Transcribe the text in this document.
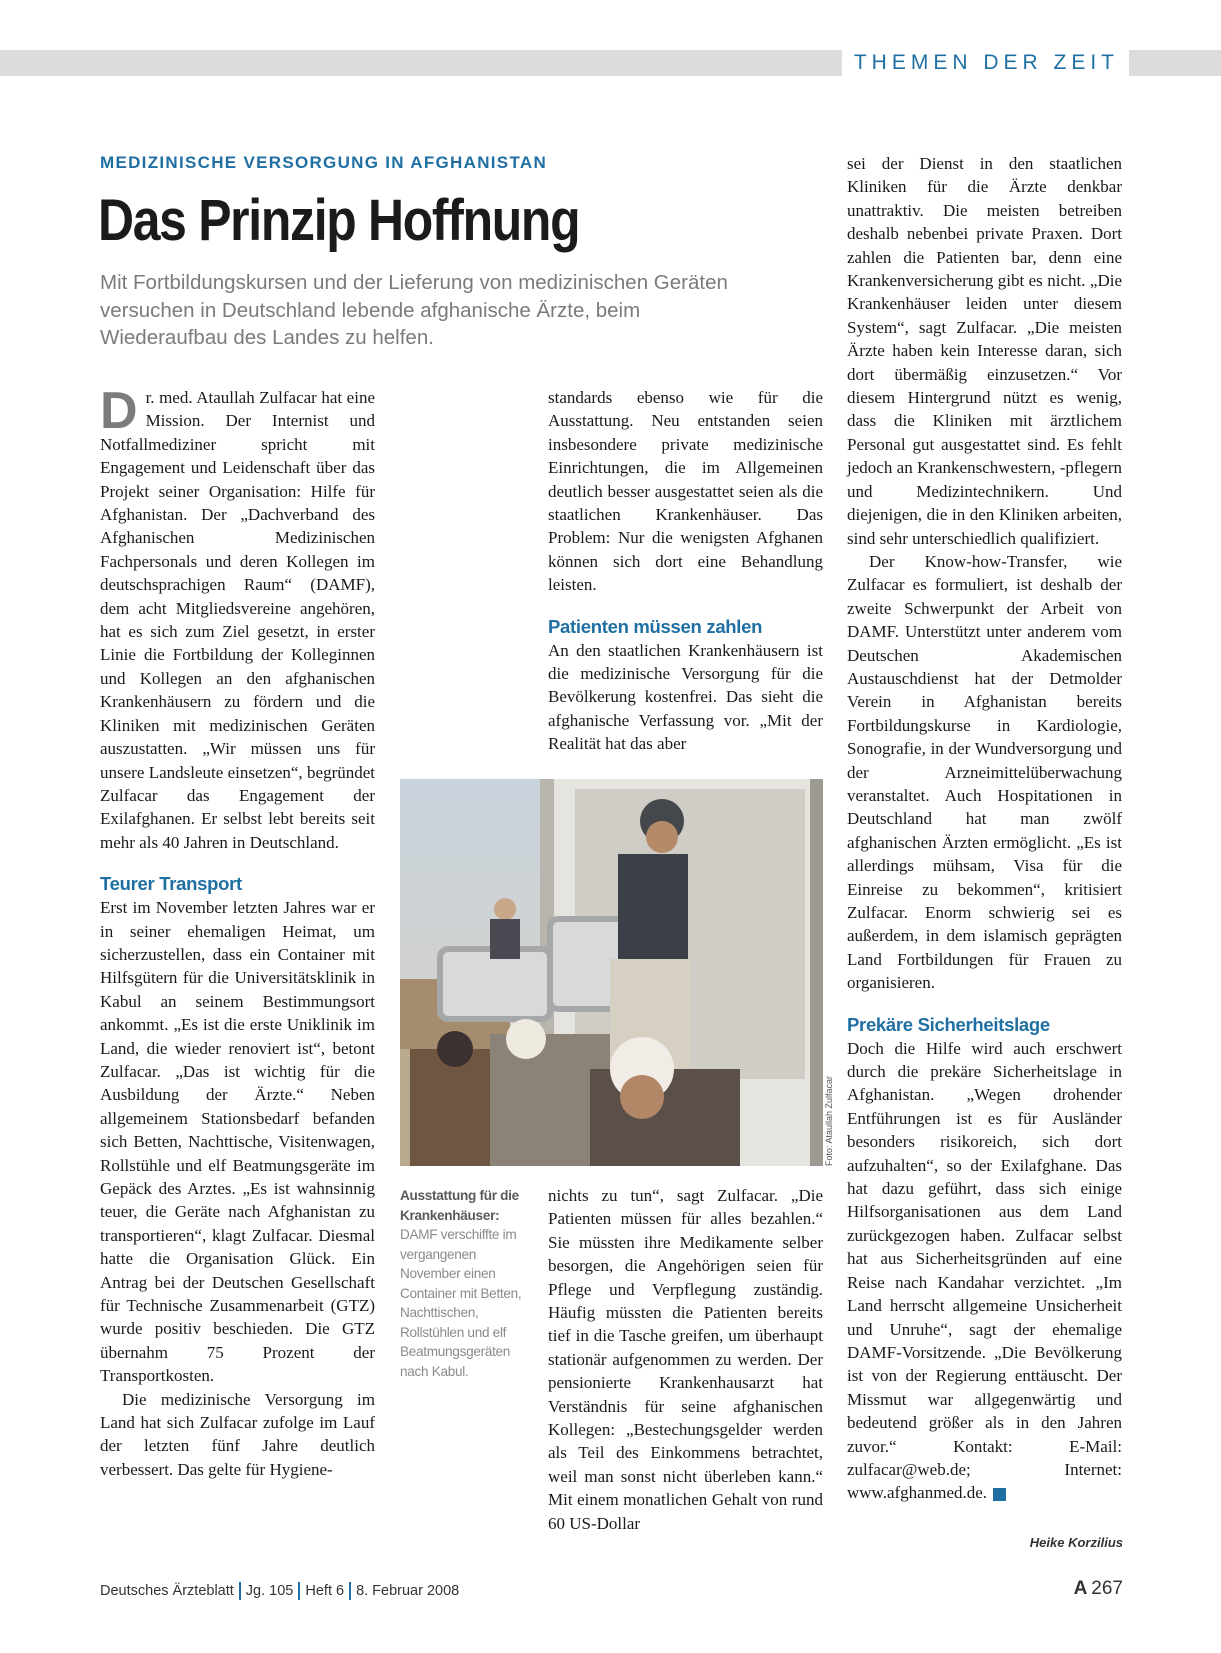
THEMEN DER ZEIT
MEDIZINISCHE VERSORGUNG IN AFGHANISTAN
Das Prinzip Hoffnung
Mit Fortbildungskursen und der Lieferung von medizinischen Geräten versuchen in Deutschland lebende afghanische Ärzte, beim Wiederaufbau des Landes zu helfen.

Dr. med. Ataullah Zulfacar hat eine Mission. Der Internist und Notfallmediziner spricht mit Engagement und Leidenschaft über das Projekt seiner Organisation: Hilfe für Afghanistan. Der „Dachverband des Afghanischen Medizinischen Fachpersonals und deren Kollegen im deutschsprachigen Raum“ (DAMF), dem acht Mitgliedsvereine angehören, hat es sich zum Ziel gesetzt, in erster Linie die Fortbildung der Kolleginnen und Kollegen an den afghanischen Krankenhäusern zu fördern und die Kliniken mit medizinischen Geräten auszustatten. „Wir müssen uns für unsere Landsleute einsetzen“, begründet Zulfacar das Engagement der Exilafghanen. Er selbst lebt bereits seit mehr als 40 Jahren in Deutschland.

Teurer Transport

Erst im November letzten Jahres war er in seiner ehemaligen Heimat, um sicherzustellen, dass ein Container mit Hilfsgütern für die Universitätsklinik in Kabul an seinem Bestimmungsort ankommt. „Es ist die erste Uniklinik im Land, die wieder renoviert ist“, betont Zulfacar. „Das ist wichtig für die Ausbildung der Ärzte.“ Neben allgemeinem Stationsbedarf befanden sich Betten, Nachttische, Visitenwagen, Rollstühle und elf Beatmungsgeräte im Gepäck des Arztes. „Es ist wahnsinnig teuer, die Geräte nach Afghanistan zu transportieren“, klagt Zulfacar. Diesmal hatte die Organisation Glück. Ein Antrag bei der Deutschen Gesellschaft für Technische Zusammenarbeit (GTZ) wurde positiv beschieden. Die GTZ übernahm 75 Prozent der Transportkosten.

Die medizinische Versorgung im Land hat sich Zulfacar zufolge im Lauf der letzten fünf Jahre deutlich verbessert. Das gelte für Hygiene-

standards ebenso wie für die Ausstattung. Neu entstanden seien insbesondere private medizinische Einrichtungen, die im Allgemeinen deutlich besser ausgestattet seien als die staatlichen Krankenhäuser. Das Problem: Nur die wenigsten Afghanen können sich dort eine Behandlung leisten.

Patienten müssen zahlen

An den staatlichen Krankenhäusern ist die medizinische Versorgung für die Bevölkerung kostenfrei. Das sieht die afghanische Verfassung vor. „Mit der Realität hat das aber

Foto: Ataullah Zulfacar
Ausstattung für die Krankenhäuser: DAMF verschiffte im vergangenen November einen Container mit Betten, Nachttischen, Rollstühlen und elf Beatmungsgeräten nach Kabul.

nichts zu tun“, sagt Zulfacar. „Die Patienten müssen für alles bezahlen.“ Sie müssten ihre Medikamente selber besorgen, die Angehörigen seien für Pflege und Verpflegung zuständig. Häufig müssten die Patienten bereits tief in die Tasche greifen, um überhaupt stationär aufgenommen zu werden. Der pensionierte Krankenhausarzt hat Verständnis für seine afghanischen Kollegen: „Bestechungsgelder werden als Teil des Einkommens betrachtet, weil man sonst nicht überleben kann.“ Mit einem monatlichen Gehalt von rund 60 US-Dollar

sei der Dienst in den staatlichen Kliniken für die Ärzte denkbar unattraktiv. Die meisten betreiben deshalb nebenbei private Praxen. Dort zahlen die Patienten bar, denn eine Krankenversicherung gibt es nicht. „Die Krankenhäuser leiden unter diesem System“, sagt Zulfacar. „Die meisten Ärzte haben kein Interesse daran, sich dort übermäßig einzusetzen.“ Vor diesem Hintergrund nützt es wenig, dass die Kliniken mit ärztlichem Personal gut ausgestattet sind. Es fehlt jedoch an Krankenschwestern, -pflegern und Medizintechnikern. Und diejenigen, die in den Kliniken arbeiten, sind sehr unterschiedlich qualifiziert.

Der Know-how-Transfer, wie Zulfacar es formuliert, ist deshalb der zweite Schwerpunkt der Arbeit von DAMF. Unterstützt unter anderem vom Deutschen Akademischen Austauschdienst hat der Detmolder Verein in Afghanistan bereits Fortbildungskurse in Kardiologie, Sonografie, in der Wundversorgung und der Arzneimittelüberwachung veranstaltet. Auch Hospitationen in Deutschland hat man zwölf afghanischen Ärzten ermöglicht. „Es ist allerdings mühsam, Visa für die Einreise zu bekommen“, kritisiert Zulfacar. Enorm schwierig sei es außerdem, in dem islamisch geprägten Land Fortbildungen für Frauen zu organisieren.

Prekäre Sicherheitslage

Doch die Hilfe wird auch erschwert durch die prekäre Sicherheitslage in Afghanistan. „Wegen drohender Entführungen ist es für Ausländer besonders risikoreich, sich dort aufzuhalten“, so der Exilafghane. Das hat dazu geführt, dass sich einige Hilfsorganisationen aus dem Land zurückgezogen haben. Zulfacar selbst hat aus Sicherheitsgründen auf eine Reise nach Kandahar verzichtet. „Im Land herrscht allgemeine Unsicherheit und Unruhe“, sagt der ehemalige DAMF-Vorsitzende. „Die Bevölkerung ist von der Regierung enttäuscht. Der Missmut war allgegenwärtig und bedeutend größer als in den Jahren zuvor.“ Kontakt: E-Mail: zulfacar@web.de; Internet: www.afghanmed.de.

Heike Korzilius
Deutsches Ärzteblatt Jg. 105 Heft 6 8. Februar 2008	A 267
